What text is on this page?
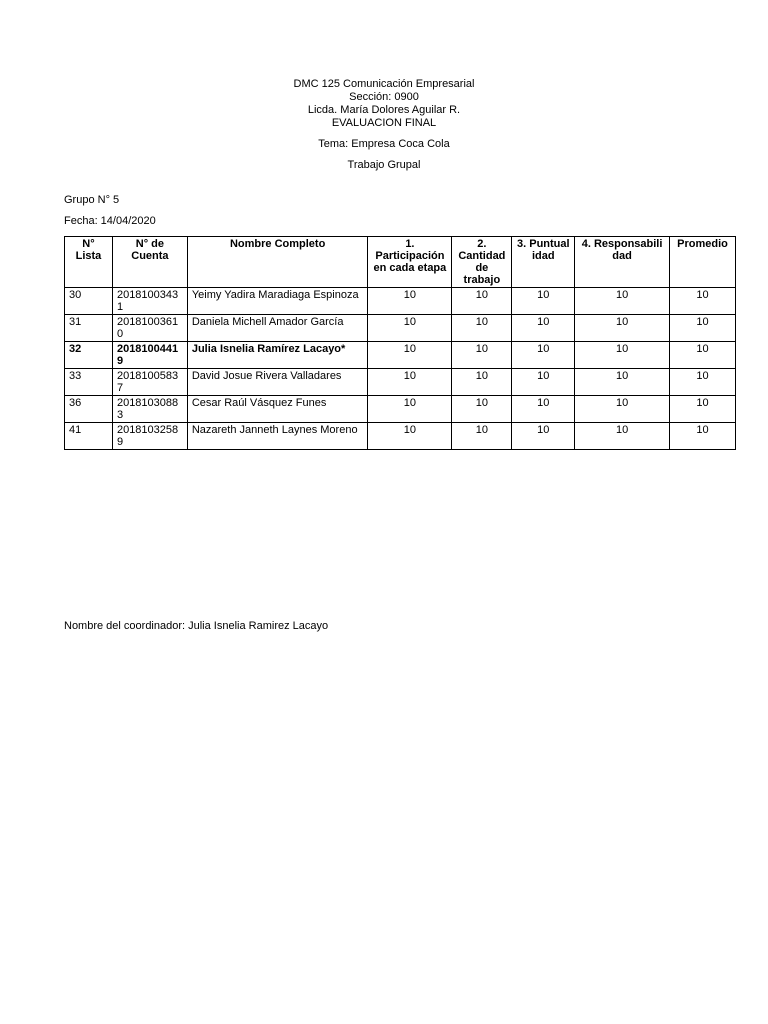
DMC 125 Comunicación Empresarial
Sección: 0900
Licda. María Dolores Aguilar R.
EVALUACION FINAL
Tema: Empresa Coca Cola
Trabajo Grupal
Grupo N° 5
Fecha: 14/04/2020
N° Lista	N° de Cuenta	Nombre Completo	1. Participación en cada etapa	2. Cantidad de trabajo	3. Puntualidad	4. Responsabilidad	Promedio
30	20181003431	Yeimy Yadira Maradiaga Espinoza	10	10	10	10	10
31	20181003610	Daniela Michell Amador García	10	10	10	10	10
32	20181004419	Julia Isnelia Ramírez Lacayo*	10	10	10	10	10
33	20181005837	David Josue Rivera Valladares	10	10	10	10	10
36	20181030883	Cesar Raúl Vásquez Funes	10	10	10	10	10
41	20181032589	Nazareth Janneth Laynes Moreno	10	10	10	10	10
Nombre del coordinador: Julia Isnelia Ramirez Lacayo
